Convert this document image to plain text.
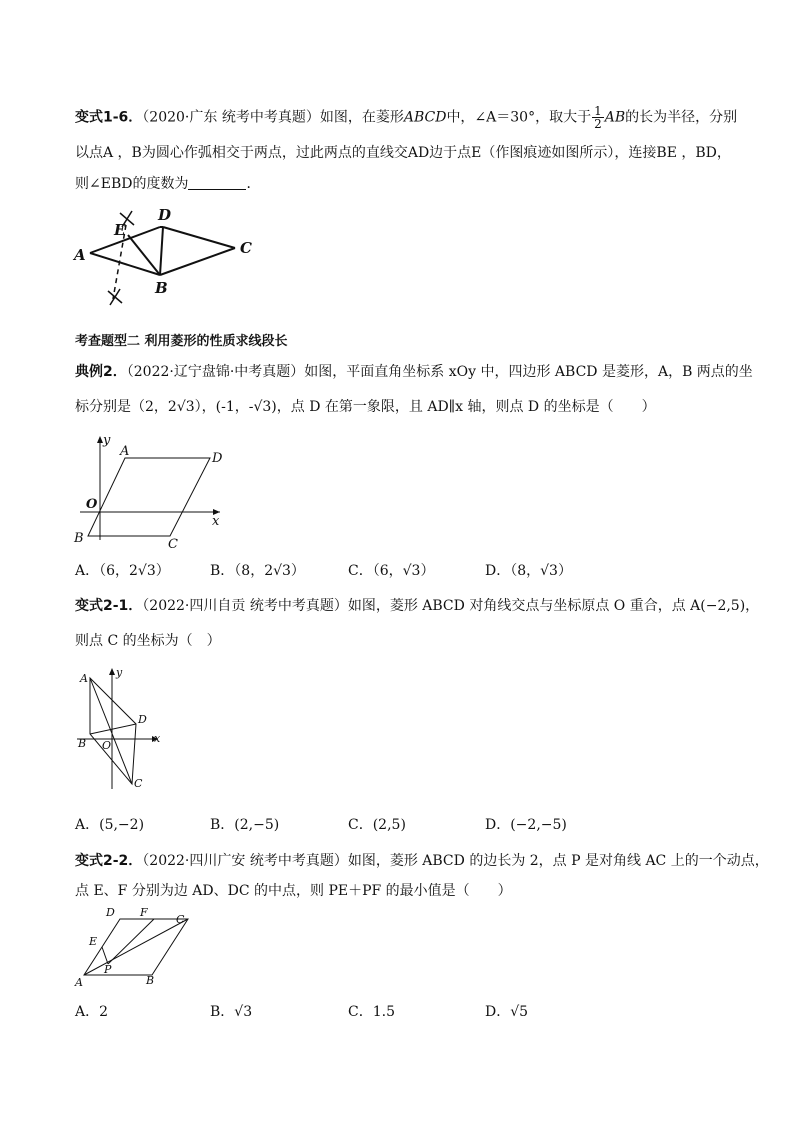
变式1-6．（2020·广东 统考中考真题）如图，在菱形ABCD中，∠A＝30°，取大于 $\frac{1}{2}$ AB的长为半径，分别
以点A ，B为圆心作弧相交于两点，过此两点的直线交AD边于点E（作图痕迹如图所示），连接BE ，BD，
则∠EBD的度数为	．
A
E
D
C
B
考查题型二 利用菱形的性质求线段长
典例2．（2022·辽宁盘锦·中考真题）如图，平面直角坐标系 xOy 中，四边形 ABCD 是菱形，A，B 两点的坐
标分别是（2，2√3），(-1，-√3)，点 D 在第一象限，且 AD∥x 轴，则点 D 的坐标是（　　）
A	D
O
B	C
x
y
A．（6，2√3）	B．（8，2√3）	C．（6，√3）	D．（8，√3）
变式2-1．（2022·四川自贡 统考中考真题）如图，菱形 ABCD 对角线交点与坐标原点 O 重合，点 A(−2,5)，
则点 C 的坐标为（　）
A
D
O
B
C
x
y
A．(5,−2)	B．(2,−5)	C．(2,5)	D．(−2,−5)
变式2-2．（2022·四川广安 统考中考真题）如图，菱形 ABCD 的边长为 2，点 P 是对角线 AC 上的一个动点，
点 E、F 分别为边 AD、DC 的中点，则 PE＋PF 的最小值是（　　）
D F
C
E
P
A	B
A．2	B．√3	C．1.5	D．√5
